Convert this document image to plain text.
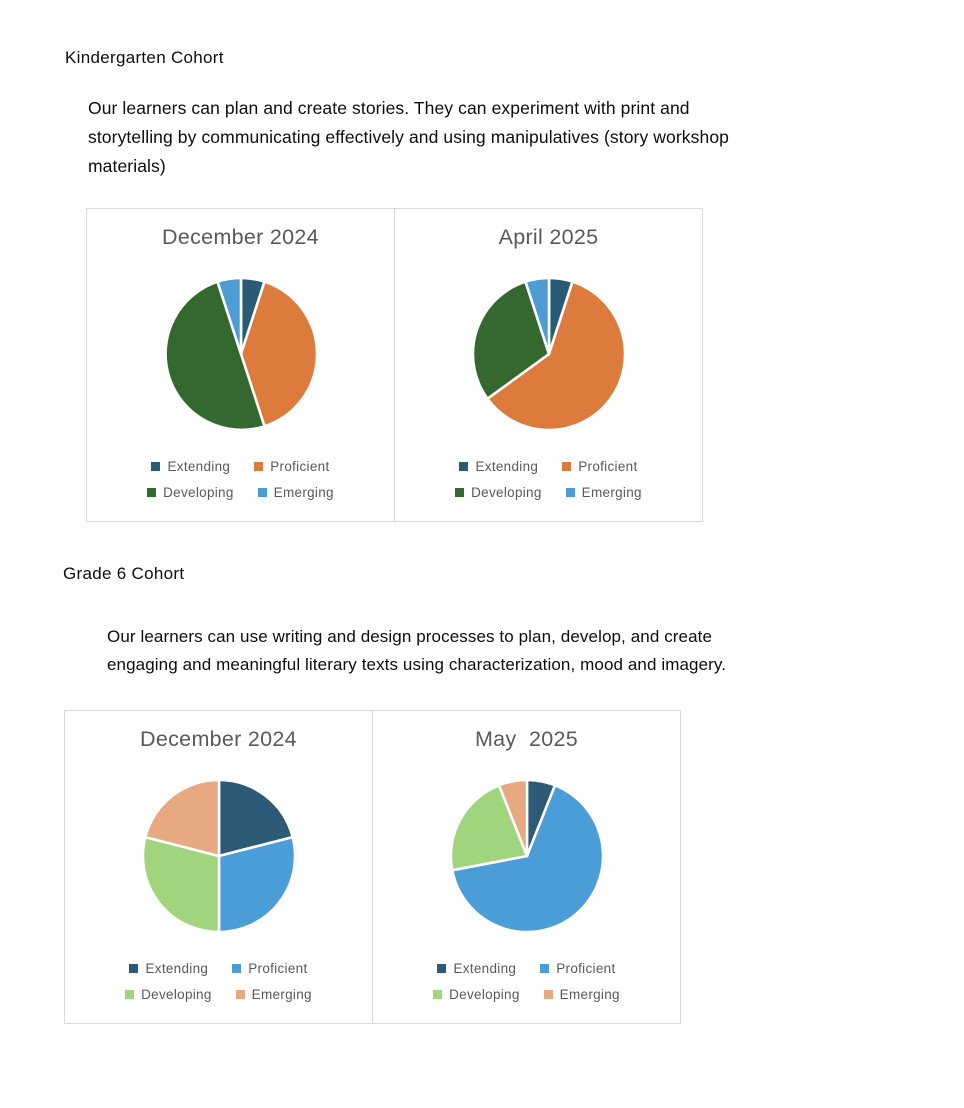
Kindergarten Cohort
Our learners can plan and create stories. They can experiment with print and
storytelling by communicating effectively and using manipulatives (story workshop
materials)
December 2024
Extending	Proficient
Developing	Emerging
April 2025
Extending	Proficient
Developing	Emerging
Grade 6 Cohort
Our learners can use writing and design processes to plan, develop, and create
engaging and meaningful literary texts using characterization, mood and imagery.
December 2024
Extending	Proficient
Developing	Emerging
May  2025
Extending	Proficient
Developing	Emerging
